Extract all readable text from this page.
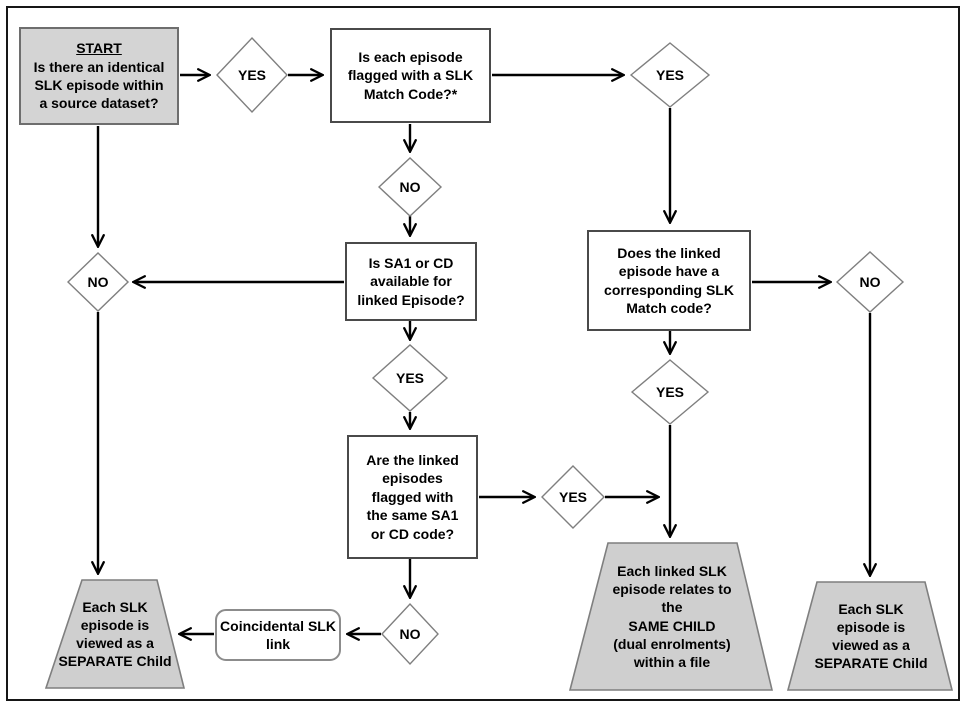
START
Is there an identical
SLK episode within
a source dataset?
Is each episode
flagged with a SLK
Match Code?*
Is SA1 or CD
available for
linked Episode?
Are the linked
episodes
flagged with
the same SA1
or CD code?
Does the linked
episode have a
corresponding SLK
Match code?
Coincidental SLK
link
YES	YES
NO
NO
YES
YES
NO
YES
NO
Each SLK
episode is
viewed as a
SEPARATE Child
Each linked SLK
episode relates to
the
SAME CHILD
(dual enrolments)
within a file
Each SLK
episode is
viewed as a
SEPARATE Child
